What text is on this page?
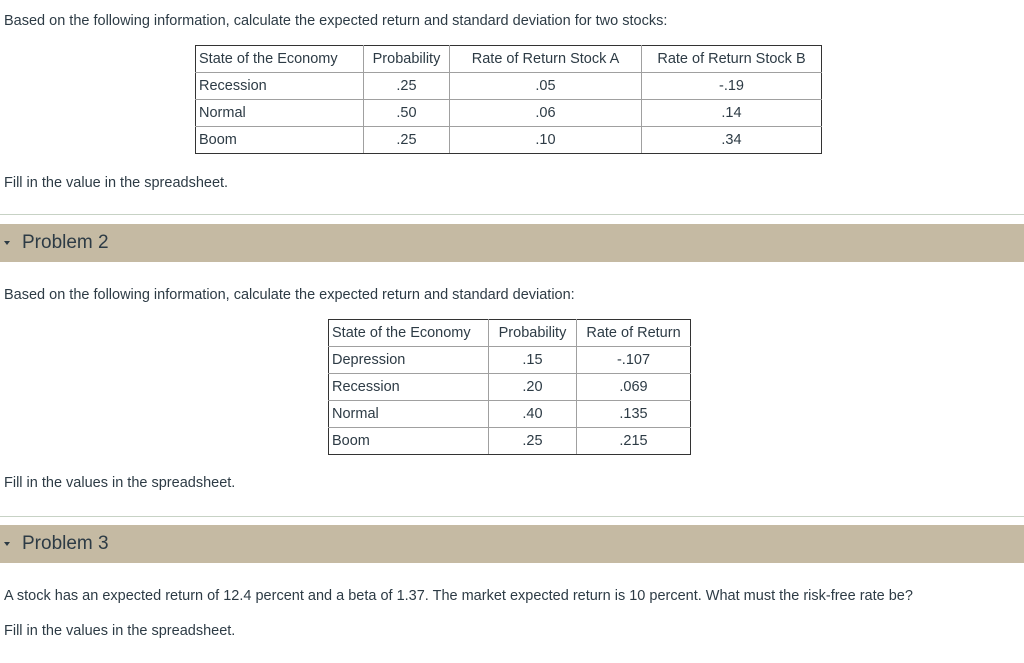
Based on the following information, calculate the expected return and standard deviation for two stocks:

State of the Economy	Probability	Rate of Return Stock A	Rate of Return Stock B
Recession	.25	.05	-.19
Normal	.50	.06	.14
Boom	.25	.10	.34

Fill in the value in the spreadsheet.

Problem 2

Based on the following information, calculate the expected return and standard deviation:

State of the Economy	Probability	Rate of Return
Depression	.15	-.107
Recession	.20	.069
Normal	.40	.135
Boom	.25	.215

Fill in the values in the spreadsheet.

Problem 3

A stock has an expected return of 12.4 percent and a beta of 1.37. The market expected return is 10 percent. What must the risk-free rate be?

Fill in the values in the spreadsheet.
